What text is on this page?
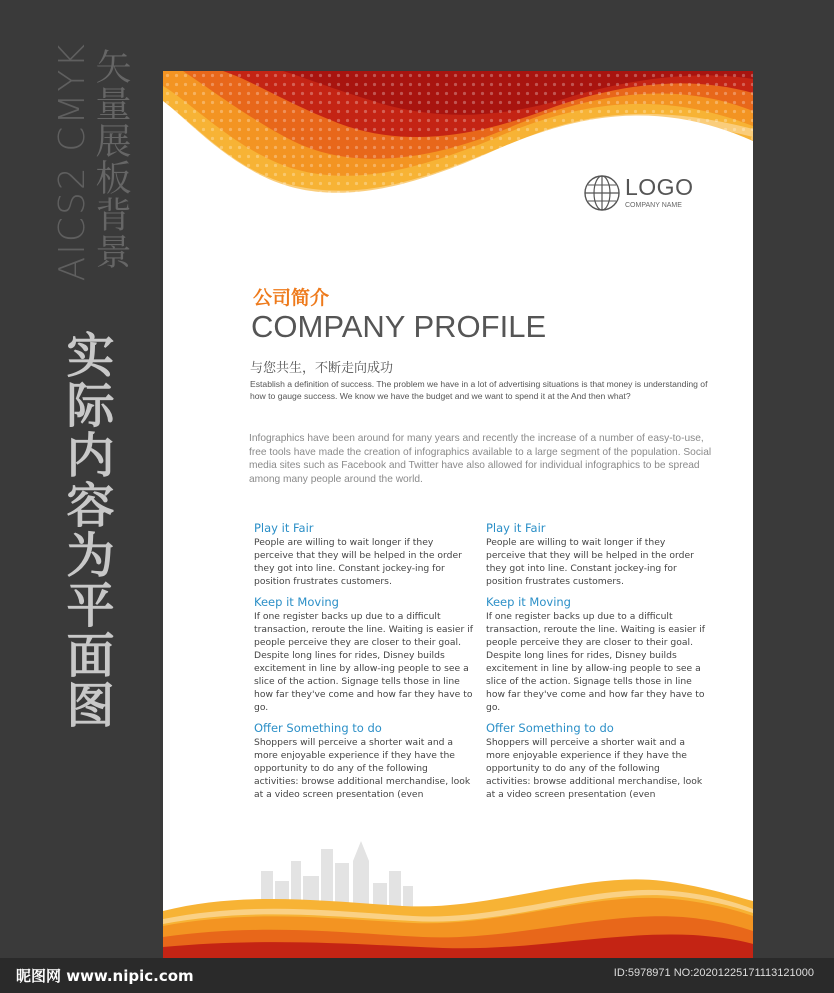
AICS2 CMYK
矢量展板背景
实际内容为平面图
LOGO
COMPANY NAME
公司简介
COMPANY PROFILE
与您共生，不断走向成功
Establish a definition of success. The problem we have in a lot of advertising situations is that money is understanding of how to gauge success. We know we have the budget and we want to spend it at the And then what?
Infographics have been around for many years and recently the increase of a number of easy-to-use, free tools have made the creation of infographics available to a large segment of the population. Social media sites such as Facebook and Twitter have also allowed for individual infographics to be spread among many people around the world.
Play it Fair
People are willing to wait longer if they perceive that they will be helped in the order they got into line. Constant jockey-ing for position frustrates customers.
Keep it Moving
If one register backs up due to a difficult transaction, reroute the line. Waiting is easier if people perceive they are closer to their goal. Despite long lines for rides, Disney builds excitement in line by allow-ing people to see a slice of the action. Signage tells those in line how far they've come and how far they have to go.
Offer Something to do
Shoppers will perceive a shorter wait and a more enjoyable experience if they have the opportunity to do any of the following activities: browse additional merchandise, look at a video screen presentation (even
Play it Fair
People are willing to wait longer if they perceive that they will be helped in the order they got into line. Constant jockey-ing for position frustrates customers.
Keep it Moving
If one register backs up due to a difficult transaction, reroute the line. Waiting is easier if people perceive they are closer to their goal. Despite long lines for rides, Disney builds excitement in line by allow-ing people to see a slice of the action. Signage tells those in line how far they've come and how far they have to go.
Offer Something to do
Shoppers will perceive a shorter wait and a more enjoyable experience if they have the opportunity to do any of the following activities: browse additional merchandise, look at a video screen presentation (even
昵图网 www.nipic.com	ID:5978971 NO:20201225171113121000
